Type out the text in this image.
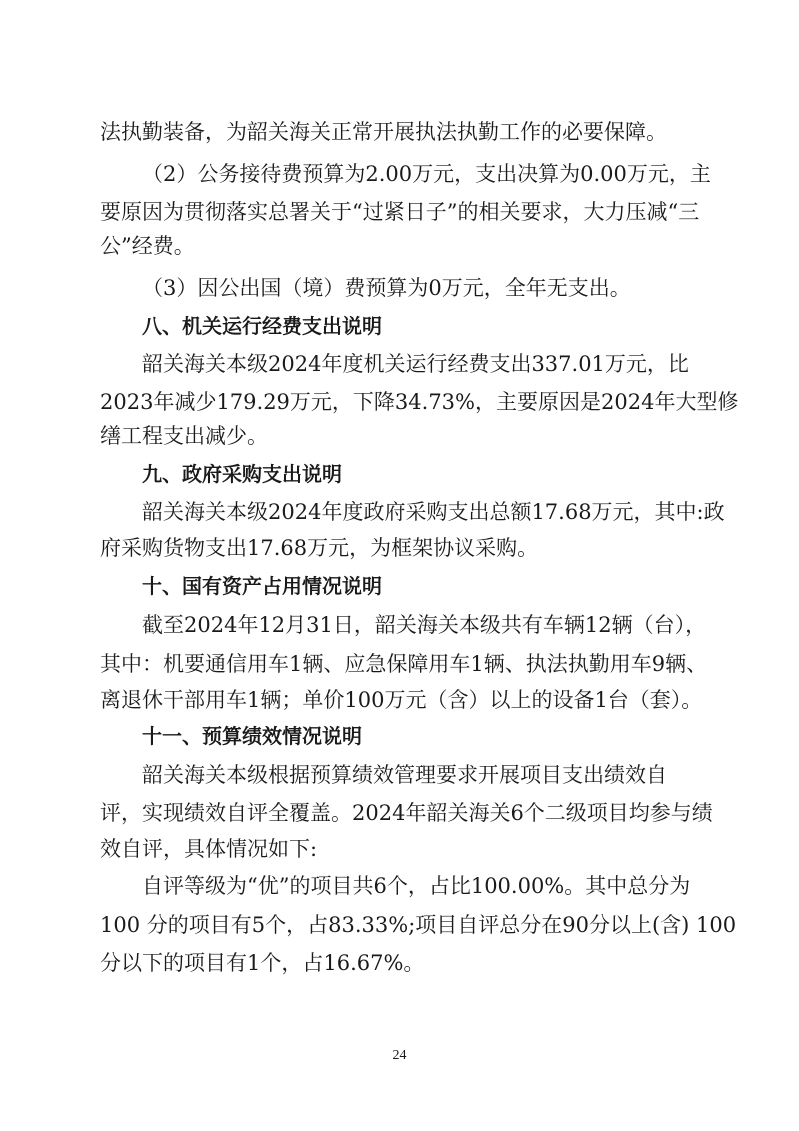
法执勤装备，为韶关海关正常开展执法执勤工作的必要保障。

（2）公务接待费预算为2.00万元，支出决算为0.00万元，主

要原因为贯彻落实总署关于“过紧日子”的相关要求，大力压减“三

公”经费。

（3）因公出国（境）费预算为0万元，全年无支出。

八、机关运行经费支出说明

韶关海关本级2024年度机关运行经费支出337.01万元，比

2023年减少179.29万元，下降34.73%，主要原因是2024年大型修

缮工程支出减少。

九、政府采购支出说明

韶关海关本级2024年度政府采购支出总额17.68万元，其中:政

府采购货物支出17.68万元，为框架协议采购。

十、国有资产占用情况说明

截至2024年12月31日，韶关海关本级共有车辆12辆（台），

其中：机要通信用车1辆、应急保障用车1辆、执法执勤用车9辆、

离退休干部用车1辆；单价100万元（含）以上的设备1台（套）。

十一、预算绩效情况说明

韶关海关本级根据预算绩效管理要求开展项目支出绩效自

评，实现绩效自评全覆盖。2024年韶关海关6个二级项目均参与绩

效自评，具体情况如下:

自评等级为“优”的项目共6个，占比100.00%。其中总分为

100 分的项目有5个，占83.33%;项目自评总分在90分以上(含) 100

分以下的项目有1个，占16.67%。

24
